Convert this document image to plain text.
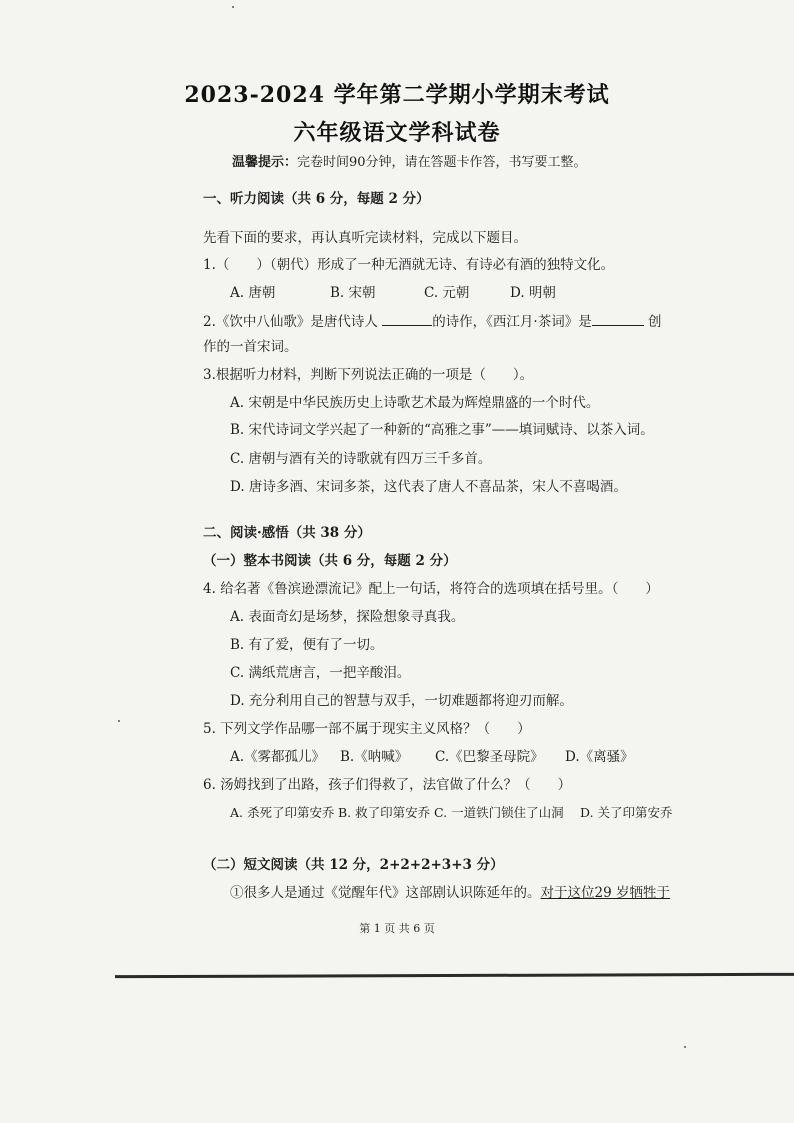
2023-2024 学年第二学期小学期末考试
六年级语文学科试卷
温馨提示：完卷时间90分钟，请在答题卡作答，书写要工整。
一、听力阅读（共 6 分，每题 2 分）
先看下面的要求，再认真听完读材料，完成以下题目。
1.（　　）（朝代）形成了一种无酒就无诗、有诗必有酒的独特文化。
A. 唐朝	B. 宋朝	C. 元朝	D. 明朝
2.《饮中八仙歌》是唐代诗人	的诗作，《西江月·茶词》是	创
作的一首宋词。
3.根据听力材料，判断下列说法正确的一项是（　　）。
A. 宋朝是中华民族历史上诗歌艺术最为辉煌鼎盛的一个时代。
B. 宋代诗词文学兴起了一种新的“高雅之事”——填词赋诗、以茶入词。
C. 唐朝与酒有关的诗歌就有四万三千多首。
D. 唐诗多酒、宋词多茶，这代表了唐人不喜品茶，宋人不喜喝酒。
二、阅读·感悟（共 38 分）
（一）整本书阅读（共 6 分，每题 2 分）
4. 给名著《鲁滨逊漂流记》配上一句话，将符合的选项填在括号里。（　　）
A. 表面奇幻是场梦，探险想象寻真我。
B. 有了爱，便有了一切。
C. 满纸荒唐言，一把辛酸泪。
D. 充分利用自己的智慧与双手，一切难题都将迎刃而解。
5. 下列文学作品哪一部不属于现实主义风格？（　　）
A.《雾都孤儿》 B.《呐喊》 C.《巴黎圣母院》 D.《离骚》
6. 汤姆找到了出路，孩子们得救了，法官做了什么？（　　）
A. 杀死了印第安乔 B. 救了印第安乔 C. 一道铁门锁住了山洞 D. 关了印第安乔
（二）短文阅读（共 12 分，2+2+2+3+3 分）
①很多人是通过《觉醒年代》这部剧认识陈延年的。对于这位29 岁牺牲于
第 1 页 共 6 页
